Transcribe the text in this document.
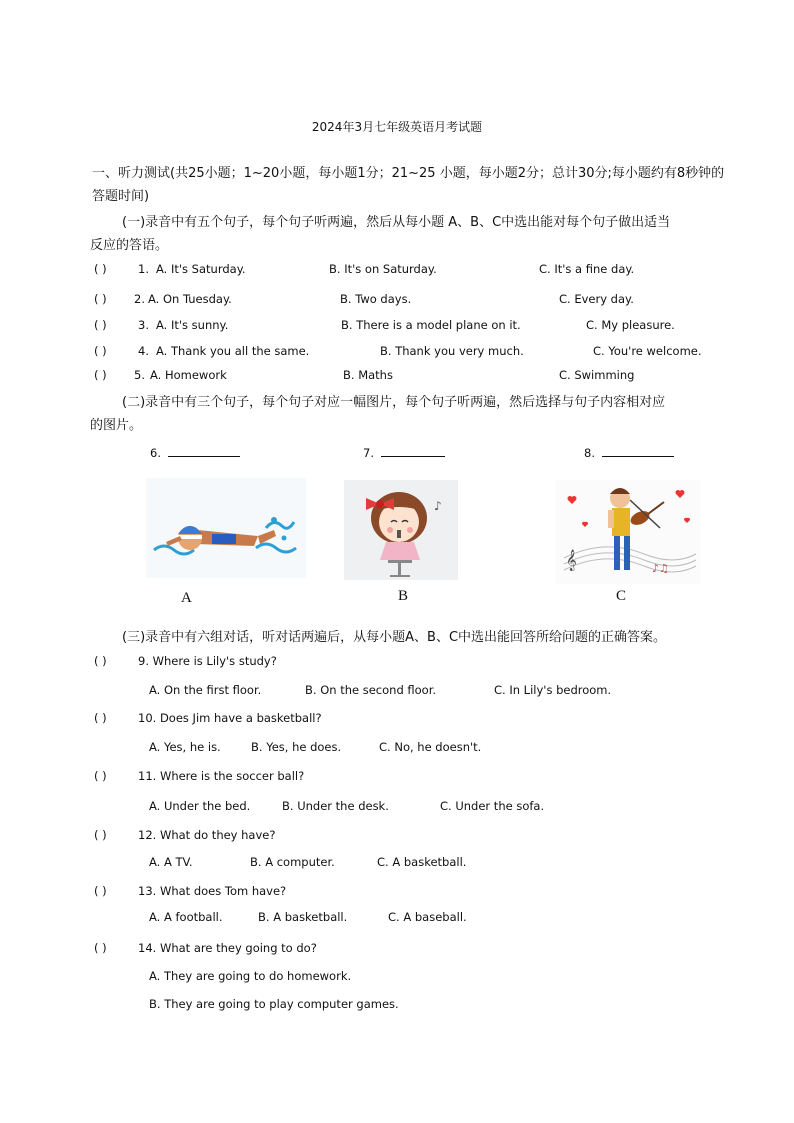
2024年3月七年级英语月考试题
一、听力测试(共25小题；1~20小题，每小题1分；21~25 小题，每小题2分；总计30分;每小题约有8秒钟的
答题时间)
(一)录音中有五个句子，每个句子听两遍，然后从每小题 A、B、C中选出能对每个句子做出适当
反应的答语。
( )	1. A. It's Saturday.	B. It's on Saturday.	C. It's a fine day.
( ) 2. A. On Tuesday.	B. Two days.	C. Every day.
( )	3. A. It's sunny.	B. There is a model plane on it.	C. My pleasure.
( )	4. A. Thank you all the same.	B. Thank you very much.	C. You're welcome.
( ) 5. A. Homework	B. Maths	C. Swimming
(二)录音中有三个句子，每个句子对应一幅图片，每个句子听两遍，然后选择与句子内容相对应
的图片。
6.	7.	8.
A
♪
B
𝄞	♪♫
C
(三)录音中有六组对话，听对话两遍后，从每小题A、B、C中选出能回答所给问题的正确答案。
( )	9. Where is Lily's study?
A. On the first floor.	B. On the second floor.	C. In Lily's bedroom.
( )	10. Does Jim have a basketball?
A. Yes, he is.	B. Yes, he does.	C. No, he doesn't.
( )	11. Where is the soccer ball?
A. Under the bed.	B. Under the desk.	C. Under the sofa.
( )	12. What do they have?
A. A TV.	B. A computer.	C. A basketball.
( )	13. What does Tom have?
A. A football.	B. A basketball.	C. A baseball.
( )	14. What are they going to do?
A. They are going to do homework.
B. They are going to play computer games.
